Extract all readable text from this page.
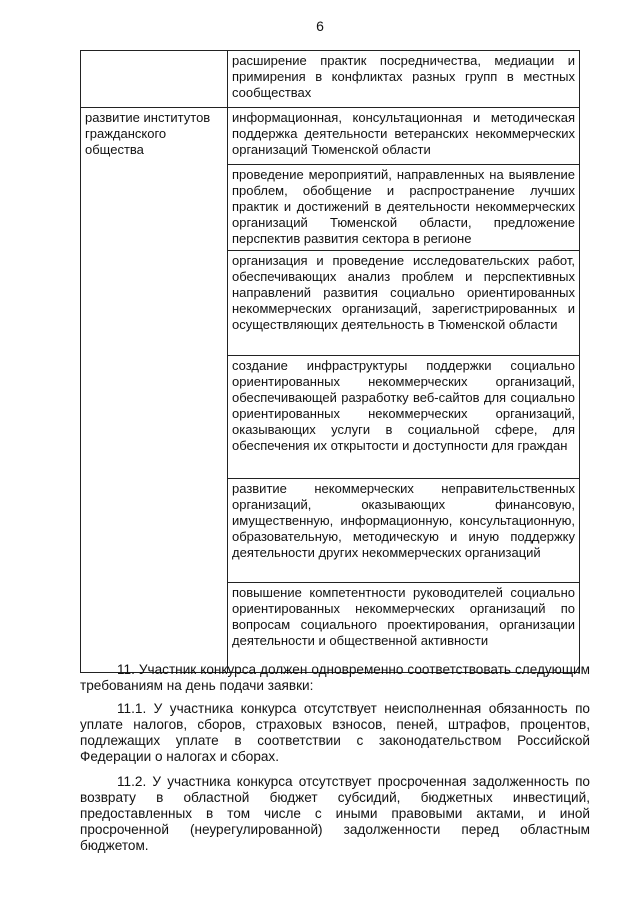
6
	расширение практик посредничества, медиации и примирения в конфликтах разных групп в местных сообществах
развитие институтов гражданского общества	информационная, консультационная и методическая поддержка деятельности ветеранских некоммерческих организаций Тюменской области
	проведение мероприятий, направленных на выявление проблем, обобщение и распространение лучших практик и достижений в деятельности некоммерческих организаций Тюменской области, предложение перспектив развития сектора в регионе
	организация и проведение исследовательских работ, обеспечивающих анализ проблем и перспективных направлений развития социально ориентированных некоммерческих организаций, зарегистрированных и осуществляющих деятельность в Тюменской области
	создание инфраструктуры поддержки социально ориентированных некоммерческих организаций, обеспечивающей разработку веб-сайтов для социально ориентированных некоммерческих организаций, оказывающих услуги в социальной сфере, для обеспечения их открытости и доступности для граждан
	развитие некоммерческих неправительственных организаций, оказывающих финансовую, имущественную, информационную, консультационную, образовательную, методическую и иную поддержку деятельности других некоммерческих организаций
	повышение компетентности руководителей социально ориентированных некоммерческих организаций по вопросам социального проектирования, организации деятельности и общественной активности

11. Участник конкурса должен одновременно соответствовать следующим требованиям на день подачи заявки:

11.1. У участника конкурса отсутствует неисполненная обязанность по уплате налогов, сборов, страховых взносов, пеней, штрафов, процентов, подлежащих уплате в соответствии с законодательством Российской Федерации о налогах и сборах.

11.2. У участника конкурса отсутствует просроченная задолженность по возврату в областной бюджет субсидий, бюджетных инвестиций, предоставленных в том числе с иными правовыми актами, и иной просроченной (неурегулированной) задолженности перед областным бюджетом.
